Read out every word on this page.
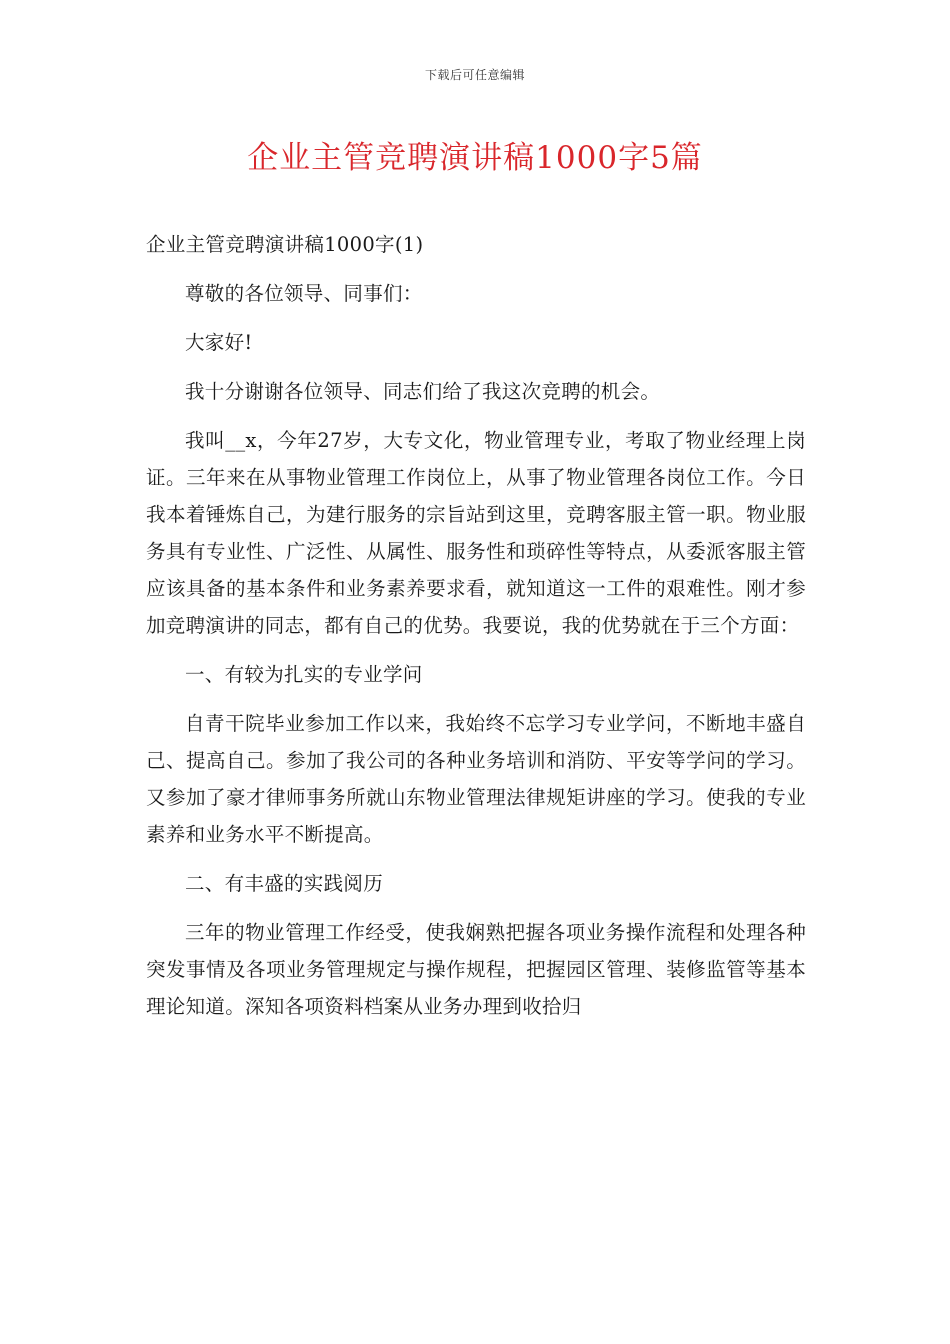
下载后可任意编辑
企业主管竞聘演讲稿1000字5篇

企业主管竞聘演讲稿1000字(1)

尊敬的各位领导、同事们：

大家好!

我十分谢谢各位领导、同志们给了我这次竞聘的机会。

我叫__x，今年27岁，大专文化，物业管理专业，考取了物业经理上岗证。三年来在从事物业管理工作岗位上，从事了物业管理各岗位工作。今日我本着锤炼自己，为建行服务的宗旨站到这里，竞聘客服主管一职。物业服务具有专业性、广泛性、从属性、服务性和琐碎性等特点，从委派客服主管应该具备的基本条件和业务素养要求看，就知道这一工件的艰难性。刚才参加竞聘演讲的同志，都有自己的优势。我要说，我的优势就在于三个方面：

一、有较为扎实的专业学问

自青干院毕业参加工作以来，我始终不忘学习专业学问，不断地丰盛自己、提高自己。参加了我公司的各种业务培训和消防、平安等学问的学习。又参加了豪才律师事务所就山东物业管理法律规矩讲座的学习。使我的专业素养和业务水平不断提高。

二、有丰盛的实践阅历

三年的物业管理工作经受，使我娴熟把握各项业务操作流程和处理各种突发事情及各项业务管理规定与操作规程，把握园区管理、装修监管等基本理论知道。深知各项资料档案从业务办理到收拾归
